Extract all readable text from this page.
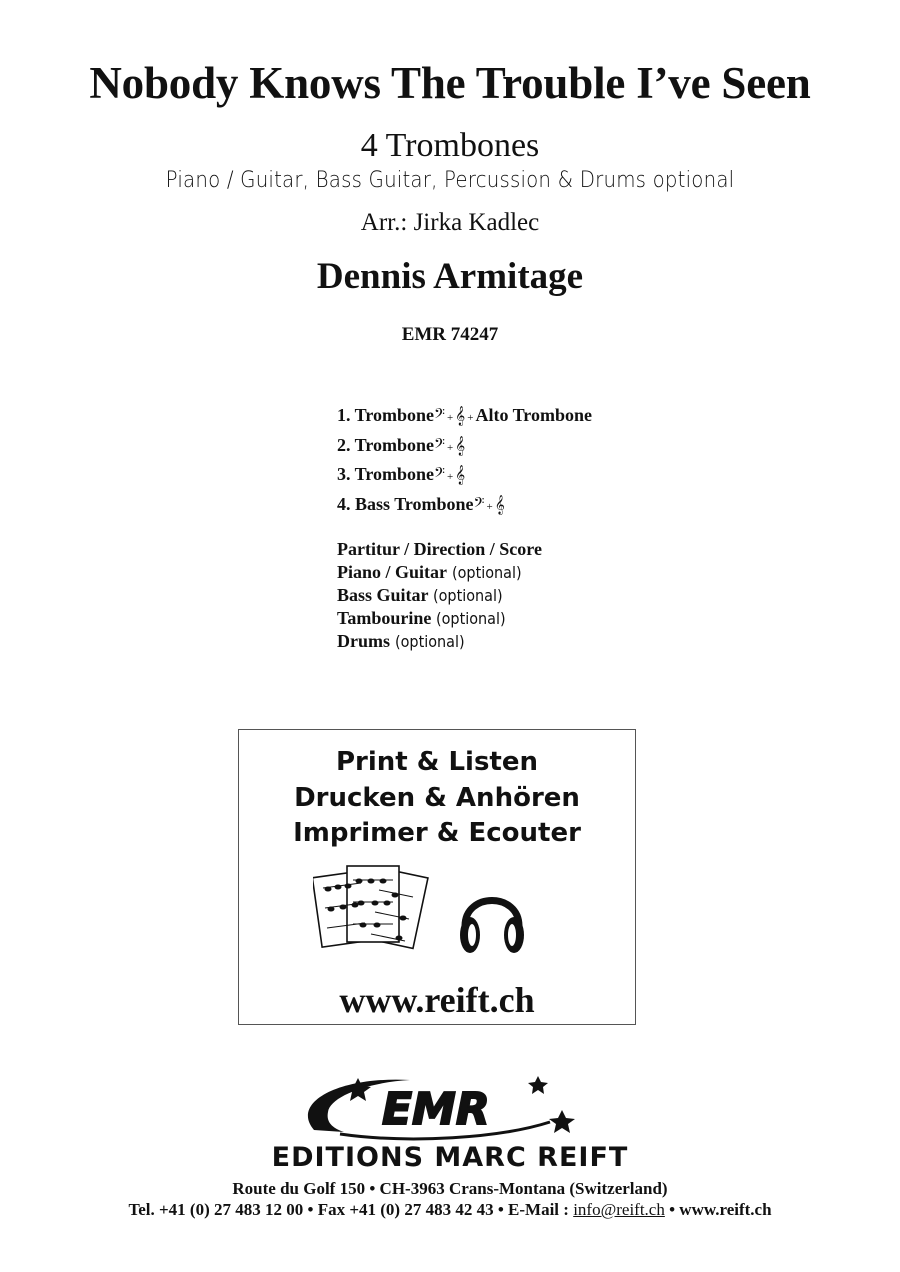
Nobody Knows The Trouble I’ve Seen
4 Trombones
Piano / Guitar, Bass Guitar, Percussion & Drums optional
Arr.: Jirka Kadlec
Dennis Armitage
EMR 74247
1. Trombone𝄢 + 𝄞 + Alto Trombone
2. Trombone𝄢 + 𝄞
3. Trombone𝄢 + 𝄞
4. Bass Trombone𝄢 + 𝄞
Partitur / Direction / Score
Piano / Guitar (optional)
Bass Guitar (optional)
Tambourine (optional)
Drums (optional)
Print & Listen
Drucken & Anhören
Imprimer & Ecouter
www.reift.ch
EMR
EDITIONS MARC REIFT
Route du Golf 150 • CH-3963 Crans-Montana (Switzerland)
Tel. +41 (0) 27 483 12 00 • Fax +41 (0) 27 483 42 43 • E-Mail : info@reift.ch • www.reift.ch
